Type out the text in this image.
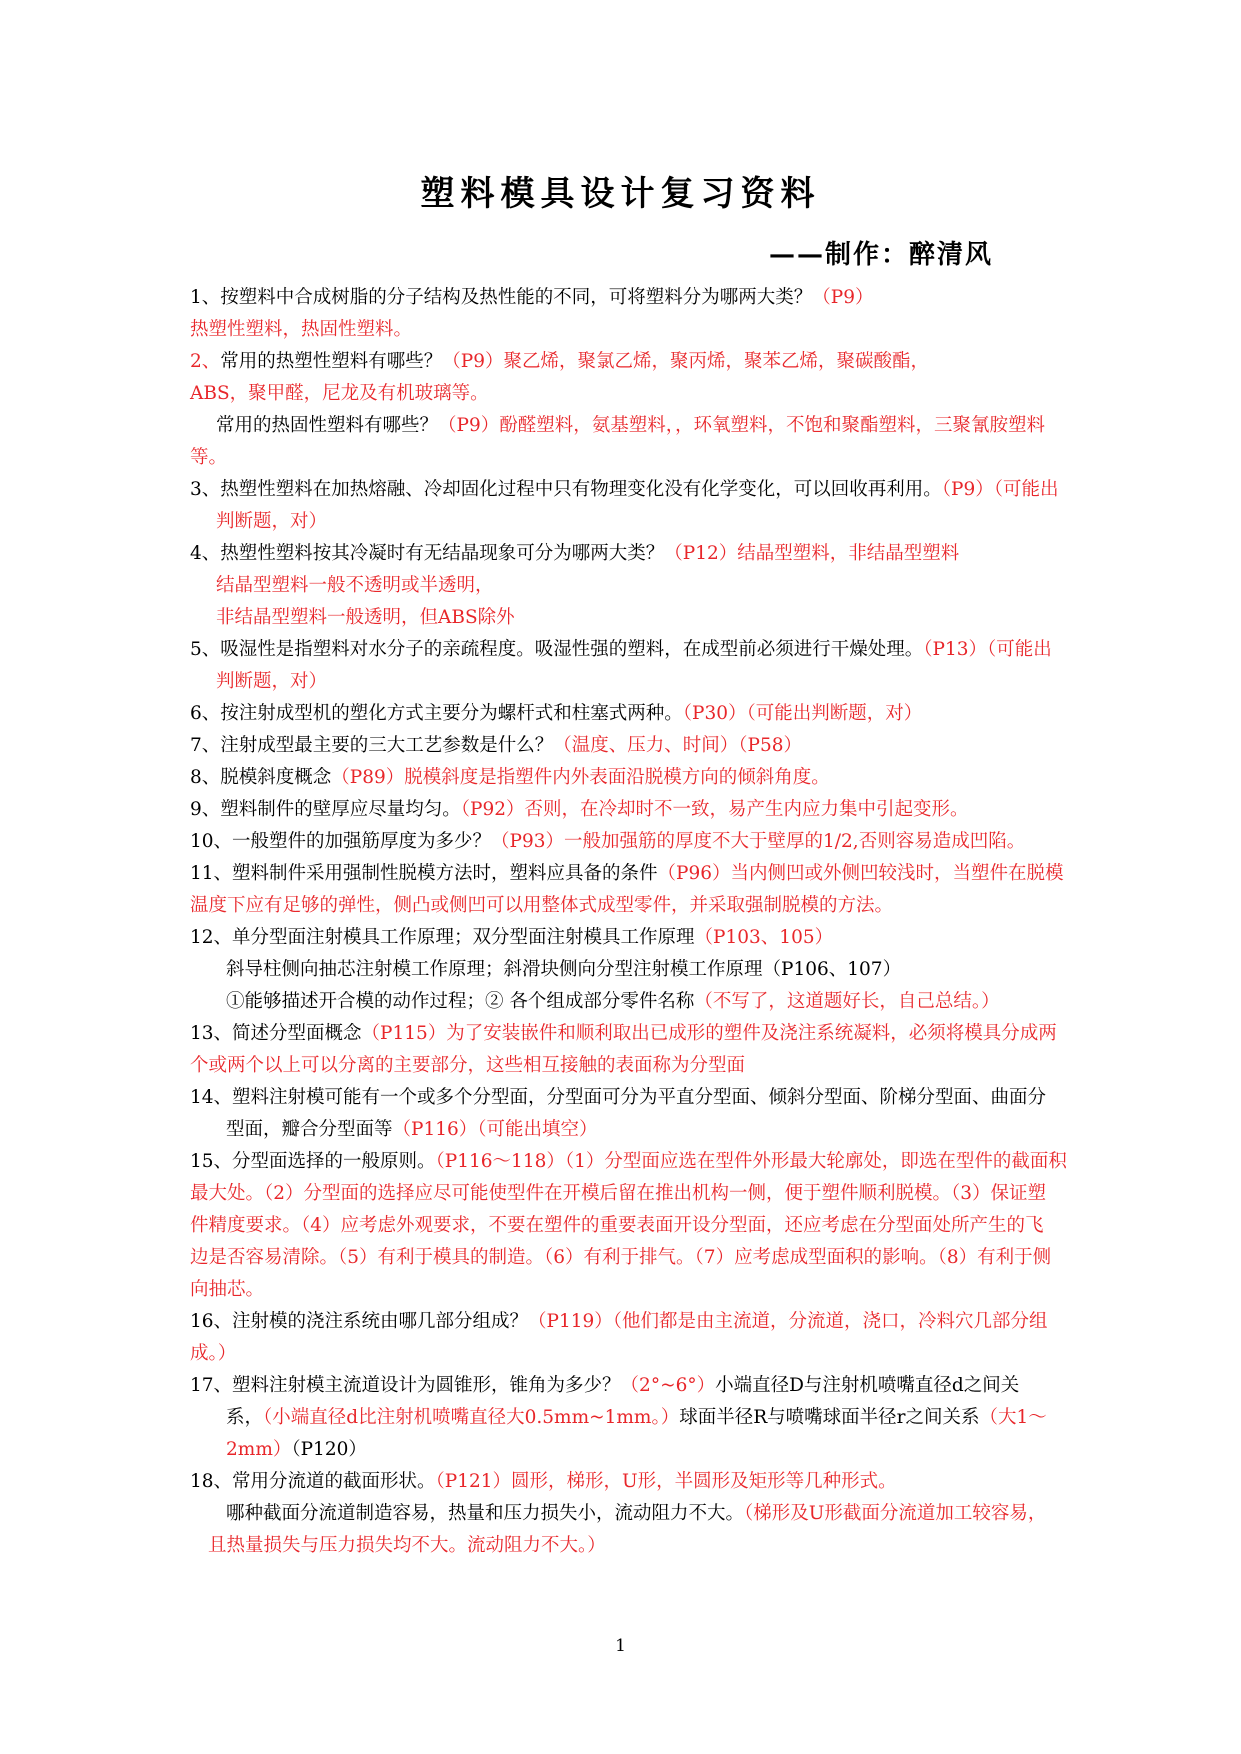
塑料模具设计复习资料
——制作：醉清风
1、按塑料中合成树脂的分子结构及热性能的不同，可将塑料分为哪两大类？（P9）
热塑性塑料，热固性塑料。
2、常用的热塑性塑料有哪些？（P9）聚乙烯，聚氯乙烯，聚丙烯，聚苯乙烯，聚碳酸酯，
ABS，聚甲醛，尼龙及有机玻璃等。
常用的热固性塑料有哪些？（P9）酚醛塑料，氨基塑料，，环氧塑料，不饱和聚酯塑料，三聚氰胺塑料
等。
3、热塑性塑料在加热熔融、冷却固化过程中只有物理变化没有化学变化，可以回收再利用。（P9）（可能出
判断题，对）
4、热塑性塑料按其冷凝时有无结晶现象可分为哪两大类？（P12）结晶型塑料，非结晶型塑料
结晶型塑料一般不透明或半透明，
非结晶型塑料一般透明，但ABS除外
5、吸湿性是指塑料对水分子的亲疏程度。吸湿性强的塑料，在成型前必须进行干燥处理。（P13）（可能出
判断题，对）
6、按注射成型机的塑化方式主要分为螺杆式和柱塞式两种。（P30）（可能出判断题，对）
7、注射成型最主要的三大工艺参数是什么？（温度、压力、时间）（P58）
8、脱模斜度概念（P89）脱模斜度是指塑件内外表面沿脱模方向的倾斜角度。
9、塑料制件的壁厚应尽量均匀。（P92）否则，在冷却时不一致，易产生内应力集中引起变形。
10、一般塑件的加强筋厚度为多少？（P93）一般加强筋的厚度不大于壁厚的1/2,否则容易造成凹陷。
11、塑料制件采用强制性脱模方法时，塑料应具备的条件（P96）当内侧凹或外侧凹较浅时，当塑件在脱模
温度下应有足够的弹性，侧凸或侧凹可以用整体式成型零件，并采取强制脱模的方法。
12、单分型面注射模具工作原理；双分型面注射模具工作原理（P103、105）
斜导柱侧向抽芯注射模工作原理；斜滑块侧向分型注射模工作原理（P106、107）
①能够描述开合模的动作过程；② 各个组成部分零件名称（不写了，这道题好长，自己总结。）
13、简述分型面概念（P115）为了安装嵌件和顺利取出已成形的塑件及浇注系统凝料，必须将模具分成两
个或两个以上可以分离的主要部分，这些相互接触的表面称为分型面
14、塑料注射模可能有一个或多个分型面，分型面可分为平直分型面、倾斜分型面、阶梯分型面、曲面分
型面，瓣合分型面等（P116）（可能出填空）
15、分型面选择的一般原则。（P116～118）（1）分型面应选在型件外形最大轮廓处，即选在型件的截面积
最大处。（2）分型面的选择应尽可能使型件在开模后留在推出机构一侧，便于塑件顺利脱模。（3）保证塑
件精度要求。（4）应考虑外观要求，不要在塑件的重要表面开设分型面，还应考虑在分型面处所产生的飞
边是否容易清除。（5）有利于模具的制造。（6）有利于排气。（7）应考虑成型面积的影响。（8）有利于侧
向抽芯。
16、注射模的浇注系统由哪几部分组成？（P119）（他们都是由主流道，分流道，浇口，冷料穴几部分组
成。）
17、塑料注射模主流道设计为圆锥形，锥角为多少？（2°~6°）小端直径D与注射机喷嘴直径d之间关
系，（小端直径d比注射机喷嘴直径大0.5mm~1mm。）球面半径R与喷嘴球面半径r之间关系（大1～
2mm）（P120）
18、常用分流道的截面形状。（P121）圆形，梯形，U形，半圆形及矩形等几种形式。
哪种截面分流道制造容易，热量和压力损失小，流动阻力不大。（梯形及U形截面分流道加工较容易，
且热量损失与压力损失均不大。流动阻力不大。）
1
